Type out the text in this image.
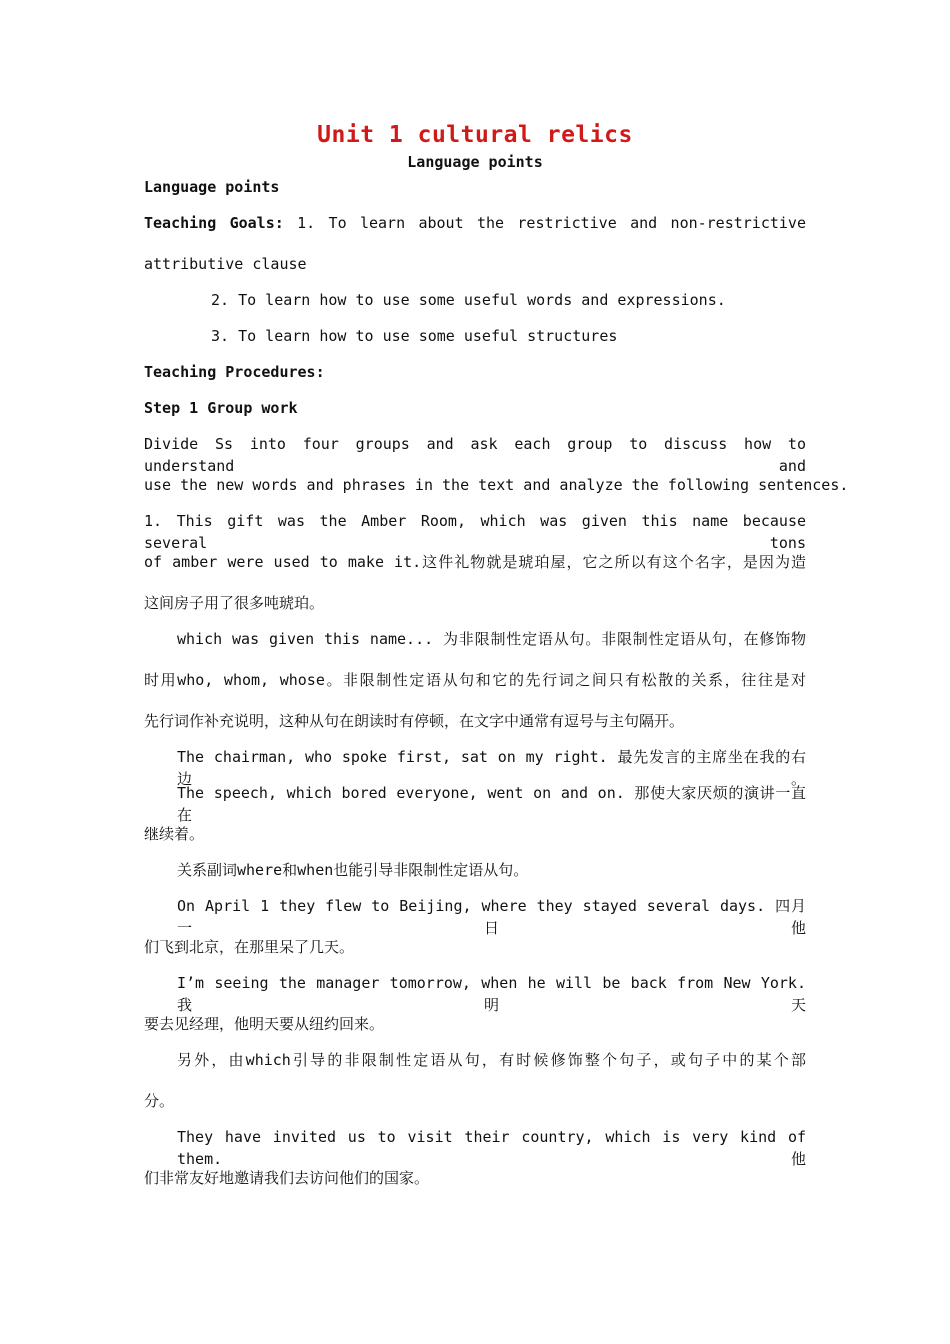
Unit 1 cultural relics
Language points
Language points
Teaching Goals: 1. To learn about the restrictive and non-restrictive
attributive clause
2. To learn how to use some useful words and expressions.
3. To learn how to use some useful structures
Teaching Procedures:
Step 1 Group work
Divide Ss into four groups and ask each group to discuss how to understand and
use the new words and phrases in the text and analyze the following sentences.
1. This gift was the Amber Room, which was given this name because several tons
of amber were used to make it.这件礼物就是琥珀屋，它之所以有这个名字，是因为造
这间房子用了很多吨琥珀。
which was given this name... 为非限制性定语从句。非限制性定语从句，在修饰物
时用who, whom, whose。非限制性定语从句和它的先行词之间只有松散的关系，往往是对
先行词作补充说明，这种从句在朗读时有停顿，在文字中通常有逗号与主句隔开。
The chairman, who spoke first, sat on my right. 最先发言的主席坐在我的右边。
The speech, which bored everyone, went on and on. 那使大家厌烦的演讲一直在
继续着。
关系副词where和when也能引导非限制性定语从句。
On April 1 they flew to Beijing, where they stayed several days. 四月一日他
们飞到北京，在那里呆了几天。
I’m seeing the manager tomorrow, when he will be back from New York. 我明天
要去见经理，他明天要从纽约回来。
另外，由which引导的非限制性定语从句，有时候修饰整个句子，或句子中的某个部
分。
They have invited us to visit their country, which is very kind of them. 他
们非常友好地邀请我们去访问他们的国家。
